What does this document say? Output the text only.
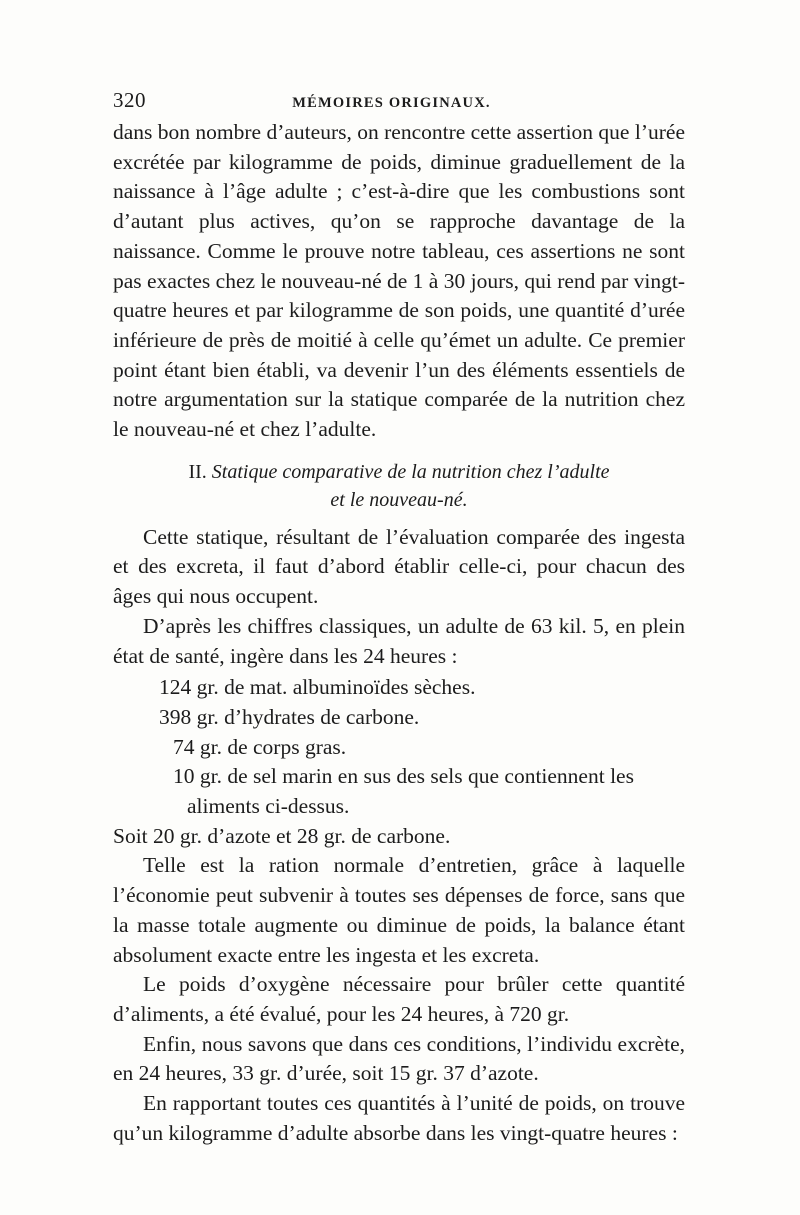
320	MÉMOIRES ORIGINAUX.

dans bon nombre d’auteurs, on rencontre cette assertion que l’urée excrétée par kilogramme de poids, diminue graduellement de la naissance à l’âge adulte ; c’est-à-dire que les combustions sont d’autant plus actives, qu’on se rapproche davantage de la naissance. Comme le prouve notre tableau, ces assertions ne sont pas exactes chez le nouveau-né de 1 à 30 jours, qui rend par vingt-quatre heures et par kilogramme de son poids, une quantité d’urée inférieure de près de moitié à celle qu’émet un adulte. Ce premier point étant bien établi, va devenir l’un des éléments essentiels de notre argumentation sur la statique comparée de la nutrition chez le nouveau-né et chez l’adulte.

II. Statique comparative de la nutrition chez l’adulte
et le nouveau-né.

Cette statique, résultant de l’évaluation comparée des ingesta et des excreta, il faut d’abord établir celle-ci, pour chacun des âges qui nous occupent.

D’après les chiffres classiques, un adulte de 63 kil. 5, en plein état de santé, ingère dans les 24 heures :

124 gr. de mat. albuminoïdes sèches.
398 gr. d’hydrates de carbone.
74 gr. de corps gras.
10 gr. de sel marin en sus des sels que contiennent les
aliments ci-dessus.
Soit 20 gr. d’azote et 28 gr. de carbone.

Telle est la ration normale d’entretien, grâce à laquelle l’économie peut subvenir à toutes ses dépenses de force, sans que la masse totale augmente ou diminue de poids, la balance étant absolument exacte entre les ingesta et les excreta.

Le poids d’oxygène nécessaire pour brûler cette quantité d’aliments, a été évalué, pour les 24 heures, à 720 gr.

Enfin, nous savons que dans ces conditions, l’individu excrète, en 24 heures, 33 gr. d’urée, soit 15 gr. 37 d’azote.

En rapportant toutes ces quantités à l’unité de poids, on trouve qu’un kilogramme d’adulte absorbe dans les vingt-quatre heures :
